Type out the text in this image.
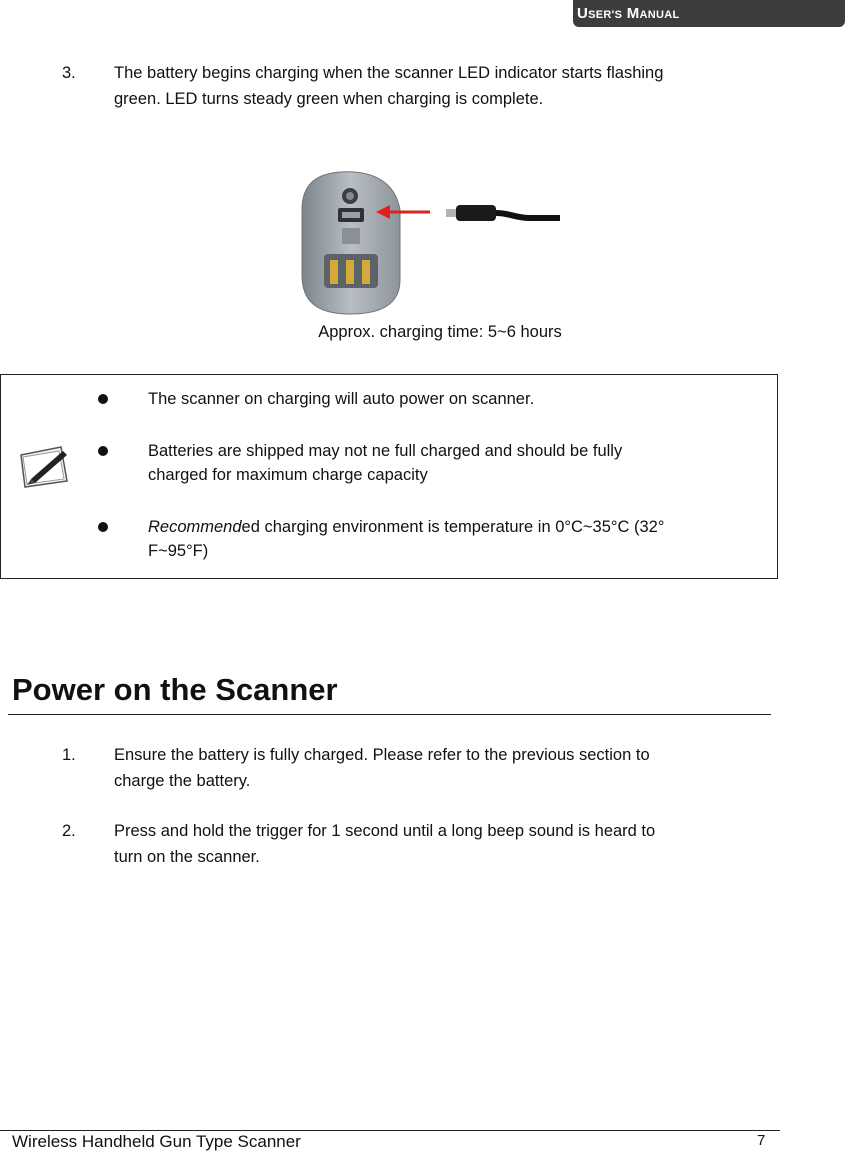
USER'S MANUAL
3. The battery begins charging when the scanner LED indicator starts flashing
green. LED turns steady green when charging is complete.
Approx. charging time: 5~6 hours
The scanner on charging will auto power on scanner.
Batteries are shipped may not ne full charged and should be fully
charged for maximum charge capacity
Recommended charging environment is temperature in 0°C~35°C (32°
F~95°F)
Power on the Scanner
1. Ensure the battery is fully charged. Please refer to the previous section to
charge the battery.
2. Press and hold the trigger for 1 second until a long beep sound is heard to
turn on the scanner.
Wireless Handheld Gun Type Scanner	7
